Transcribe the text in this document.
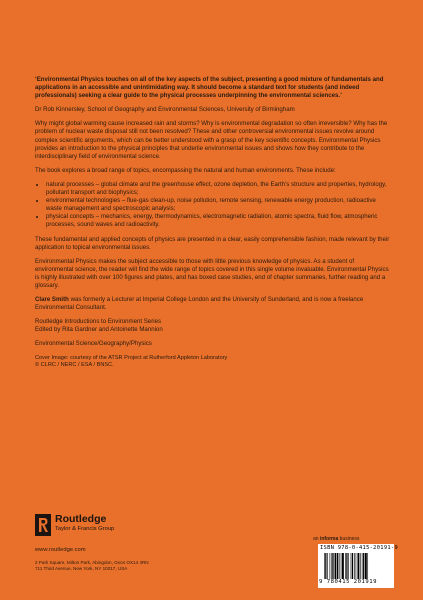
‘Environmental Physics touches on all of the key aspects of the subject, presenting a good mixture of fundamentals and applications in an accessible and unintimidating way. It should become a standard text for students (and indeed professionals) seeking a clear guide to the physical processes underpinning the environmental sciences.’

Dr Rob Kinnersley, School of Geography and Environmental Sciences, University of Birmingham

Why might global warming cause increased rain and storms? Why is environmental degradation so often irreversible? Why has the problem of nuclear waste disposal still not been resolved? These and other controversial environmental issues revolve around complex scientific arguments, which can be better understood with a grasp of the key scientific concepts. Environmental Physics provides an introduction to the physical principles that underlie environmental issues and shows how they contribute to the interdisciplinary field of environmental science.

The book explores a broad range of topics, encompassing the natural and human environments. These include:

• natural processes – global climate and the greenhouse effect, ozone depletion, the Earth’s structure and properties, hydrology, pollutant transport and biophysics;
• environmental technologies – flue-gas clean-up, noise pollution, remote sensing, renewable energy production, radioactive waste management and spectroscopic analysis;
• physical concepts – mechanics, energy, thermodynamics, electromagnetic radiation, atomic spectra, fluid flow, atmospheric processes, sound waves and radioactivity.

These fundamental and applied concepts of physics are presented in a clear, easily comprehensible fashion, made relevant by their application to topical environmental issues.

Environmental Physics makes the subject accessible to those with little previous knowledge of physics. As a student of environmental science, the reader will find the wide range of topics covered in this single volume invaluable. Environmental Physics is highly illustrated with over 100 figures and plates, and has boxed case studies, end of chapter summaries, further reading and a glossary.

Clare Smith was formerly a Lecturer at Imperial College London and the University of Sunderland, and is now a freelance Environmental Consultant.

Routledge Introductions to Environment Series

Edited by Rita Gardner and Antoinette Mannion

Environmental Science/Geography/Physics

Cover Image: courtesy of the ATSR Project at Rutherford Appleton Laboratory
© CLRC / NERC / ESA / BNSC.
Routledge
Taylor & Francis Group
www.routledge.com
2 Park Square, Milton Park, Abingdon, Oxon OX14 4RN
711 Third Avenue, New York, NY 10017, USA
an informa business
ISBN 978-0-415-20191-9
9 780415 201919
